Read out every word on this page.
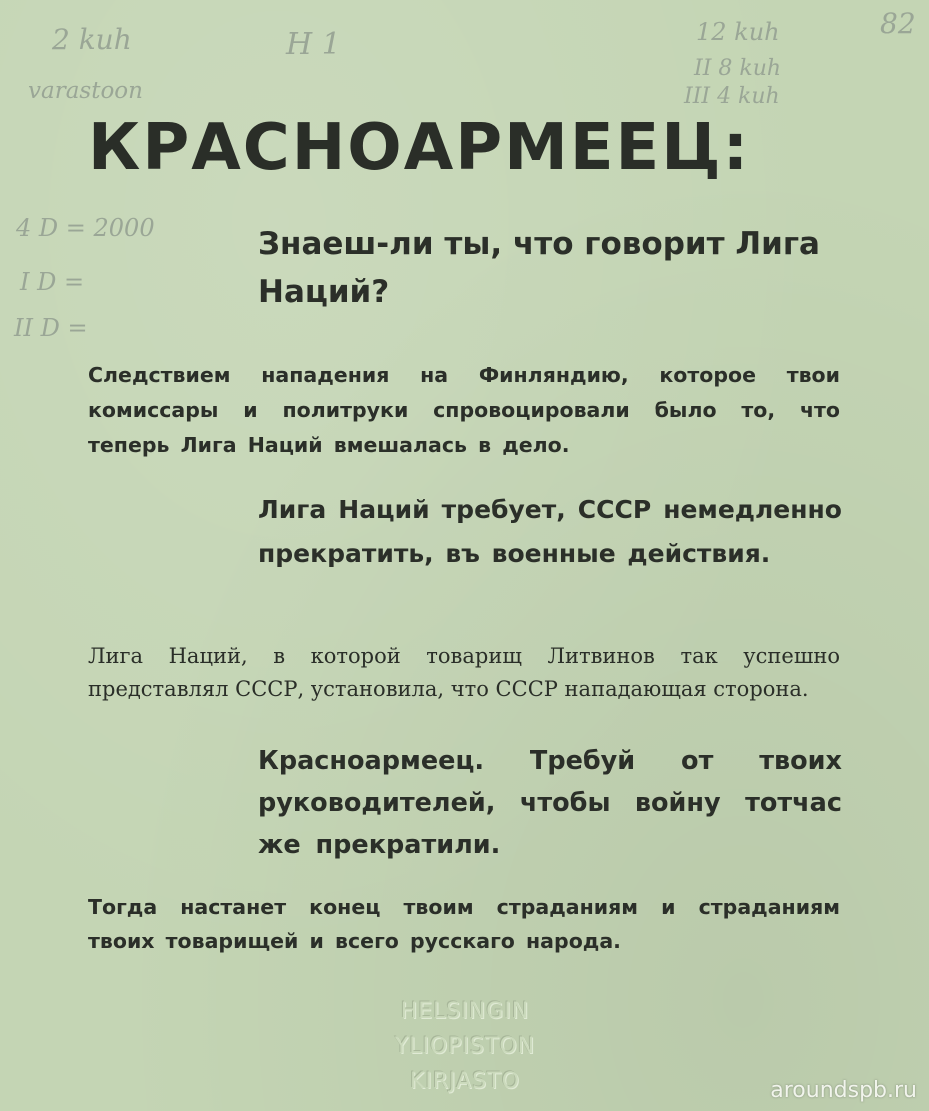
2 kuh
varastoon
H 1	12 kuh
II 8 kuh
III 4 kuh
82
4 D = 2000
I D =
II D =
КРАСНОАРМЕЕЦ:
Знаеш-ли ты, что говорит Лига Наций?
Следствием нападения на Финляндию, которое твои комиссары и политруки спровоцировали было то, что теперь Лига Наций вмешалась в дело.
Лига Наций требует, СССР немедленно прекратить, въ военные действия.
Лига Наций, в которой товарищ Литвинов так успешно представлял СССР, установила, что СССР нападающая сторона.
Красноармеец. Требуй от твоих руководителей, чтобы войну тотчас же прекратили.
Тогда настанет конец твоим страданиям и страданиям твоих товарищей и всего русскаго народа.
HELSINGIN
YLIOPISTON
KIRJASTO	aroundspb.ru
